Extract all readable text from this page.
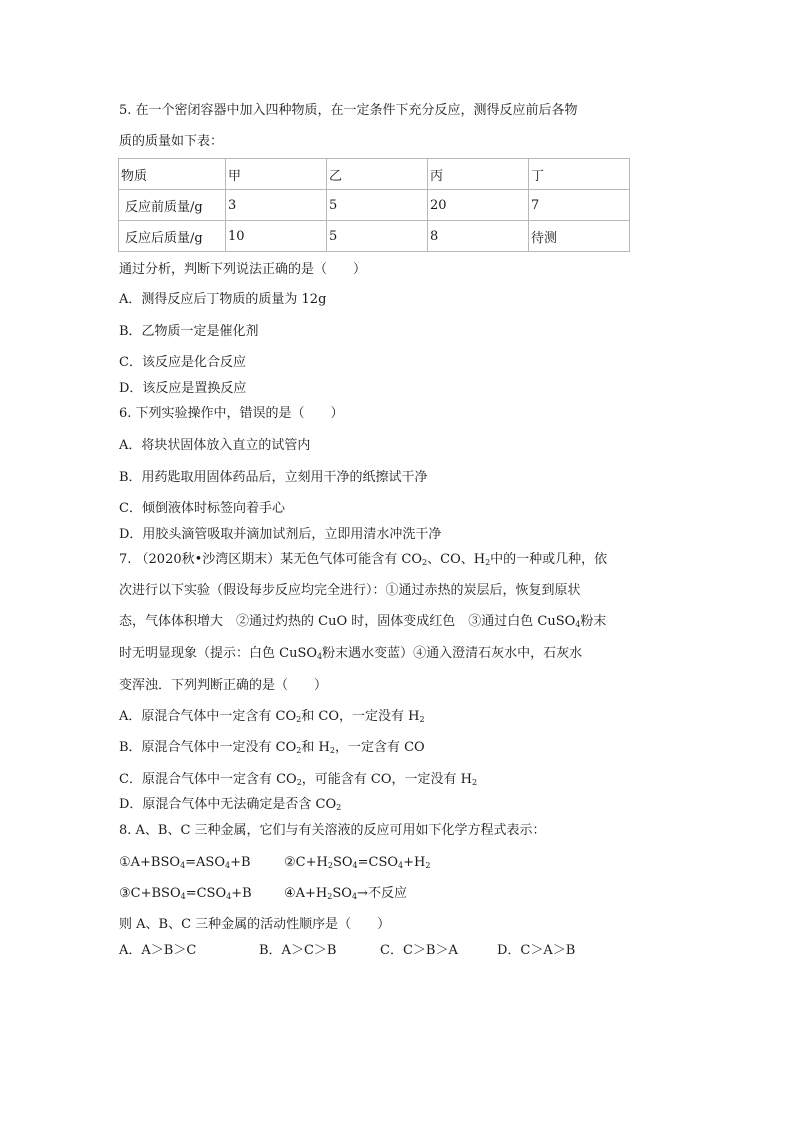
5. 在一个密闭容器中加入四种物质，在一定条件下充分反应，测得反应前后各物
质的质量如下表：
物质	甲	乙	丙	丁
反应前质量/g	3	5	20	7
反应后质量/g	10	5	8	待测
通过分析，判断下列说法正确的是（　　）
A．测得反应后丁物质的质量为 12g
B．乙物质一定是催化剂
C．该反应是化合反应
D．该反应是置换反应
6. 下列实验操作中，错误的是（　　）
A．将块状固体放入直立的试管内
B．用药匙取用固体药品后，立刻用干净的纸擦试干净
C．倾倒液体时标签向着手心
D．用胶头滴管吸取并滴加试剂后，立即用清水冲洗干净
7. （2020秋•沙湾区期末）某无色气体可能含有 $CO_2$、CO、$H_2$中的一种或几种，依
次进行以下实验（假设每步反应均完全进行）：①通过赤热的炭层后，恢复到原状
态，气体体积增大　②通过灼热的 CuO 时，固体变成红色　③通过白色 CuSO$_4$粉末
时无明显现象（提示：白色 CuSO$_4$粉末遇水变蓝）④通入澄清石灰水中，石灰水
变浑浊．下列判断正确的是（　　）
A．原混合气体中一定含有 $CO_2$和 CO，一定没有 $H_2$
B．原混合气体中一定没有 $CO_2$和 $H_2$，一定含有 CO
C．原混合气体中一定含有 $CO_2$，可能含有 CO，一定没有 $H_2$
D．原混合气体中无法确定是否含 $CO_2$
8. A、B、C 三种金属，它们与有关溶液的反应可用如下化学方程式表示：
$①A+BSO_4=ASO_4+B$	$②C+H_2SO_4=CSO_4+H_2$
$③C+BSO_4=CSO_4+B$ $④A+H_2SO_4\to$不反应
则 A、B、C 三种金属的活动性顺序是（　　）
A．A＞B＞C	B．A＞C＞B	C．C＞B＞A	D．C＞A＞B
